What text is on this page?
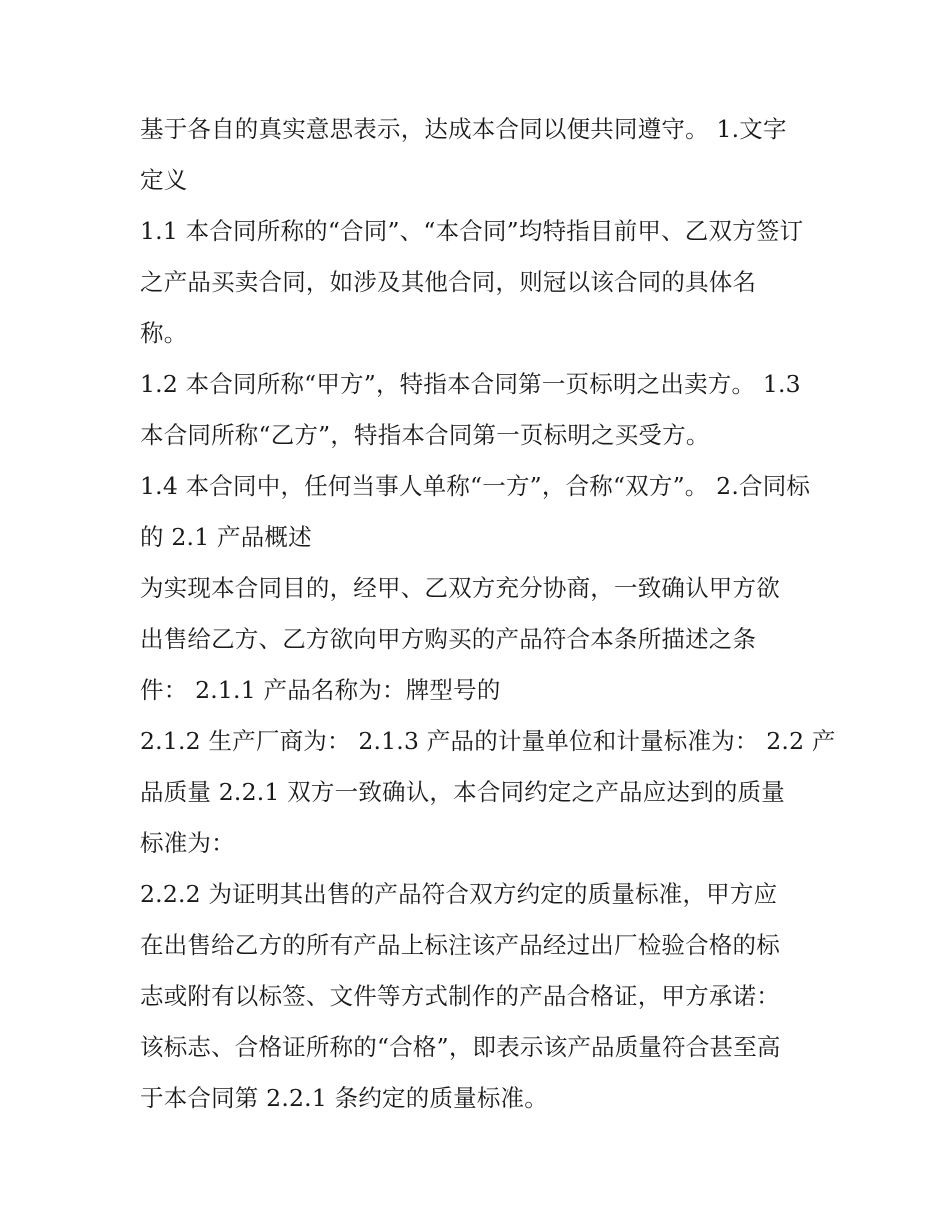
基于各自的真实意思表示，达成本合同以便共同遵守。 1.文字
定义
1.1 本合同所称的“合同”、“本合同”均特指目前甲、乙双方签订
之产品买卖合同，如涉及其他合同，则冠以该合同的具体名
称。
1.2 本合同所称“甲方”，特指本合同第一页标明之出卖方。 1.3
本合同所称“乙方”，特指本合同第一页标明之买受方。
1.4 本合同中，任何当事人单称“一方”，合称“双方”。 2.合同标
的 2.1 产品概述
为实现本合同目的，经甲、乙双方充分协商，一致确认甲方欲
出售给乙方、乙方欲向甲方购买的产品符合本条所描述之条
件： 2.1.1 产品名称为：牌型号的
2.1.2 生产厂商为： 2.1.3 产品的计量单位和计量标准为： 2.2 产
品质量 2.2.1 双方一致确认，本合同约定之产品应达到的质量
标准为：
2.2.2 为证明其出售的产品符合双方约定的质量标准，甲方应
在出售给乙方的所有产品上标注该产品经过出厂检验合格的标
志或附有以标签、文件等方式制作的产品合格证，甲方承诺：
该标志、合格证所称的“合格”，即表示该产品质量符合甚至高
于本合同第 2.2.1 条约定的质量标准。
